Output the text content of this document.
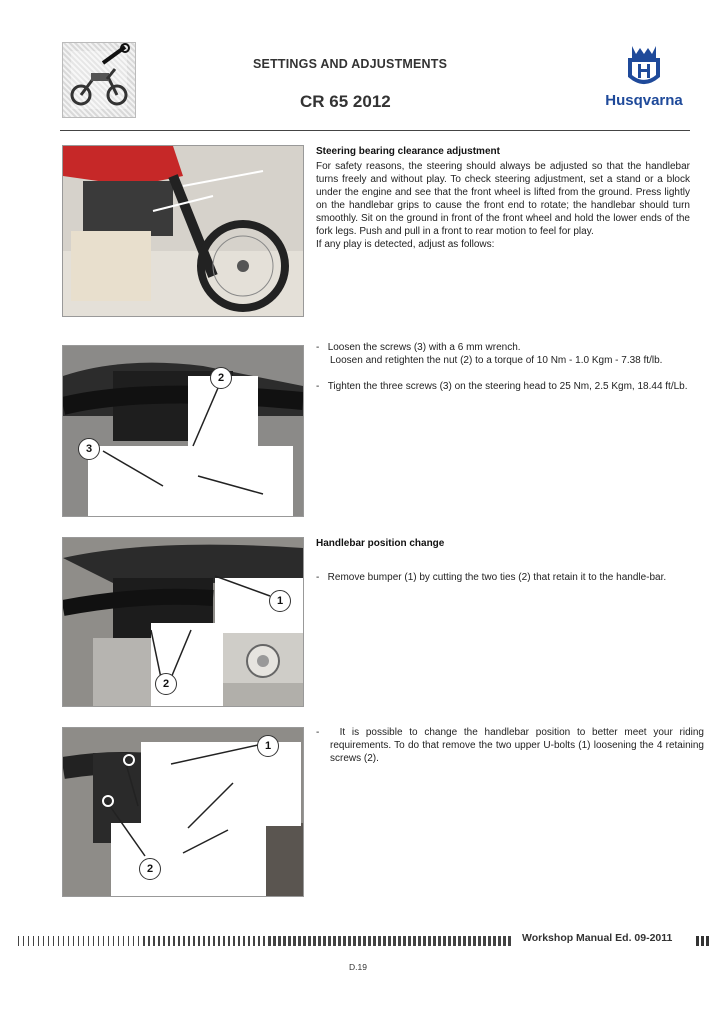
SETTINGS AND ADJUSTMENTS
CR 65 2012	Husqvarna
Steering bearing clearance adjustment
For safety reasons, the steering should always be adjusted so that the handlebar turns freely and without play. To check steering adjustment, set a stand or a block under the engine and see that the front wheel is lifted from the ground. Press lightly on the handlebar grips to cause the front end to rotate; the handlebar should turn smoothly. Sit on the ground in front of the front wheel and hold the lower ends of the fork legs. Push and pull in a front to rear motion to feel for play.
If any play is detected, adjust as follows:
2
3
- Loosen the screws (3) with a 6 mm wrench.
Loosen and retighten the nut (2) to a torque of 10 Nm - 1.0 Kgm - 7.38 ft/lb.
- Tighten the three screws (3) on the steering head to 25 Nm, 2.5 Kgm, 18.44 ft/Lb.
1
2
Handlebar position change
-   Remove bumper (1) by cutting the two ties (2) that retain it to the handle-bar.
1
2
-   It is possible to change the handlebar position to better meet your riding requirements. To do that remove the two upper U-bolts (1) loosening the 4 retaining screws (2).
Workshop Manual Ed. 09-2011
D.19
